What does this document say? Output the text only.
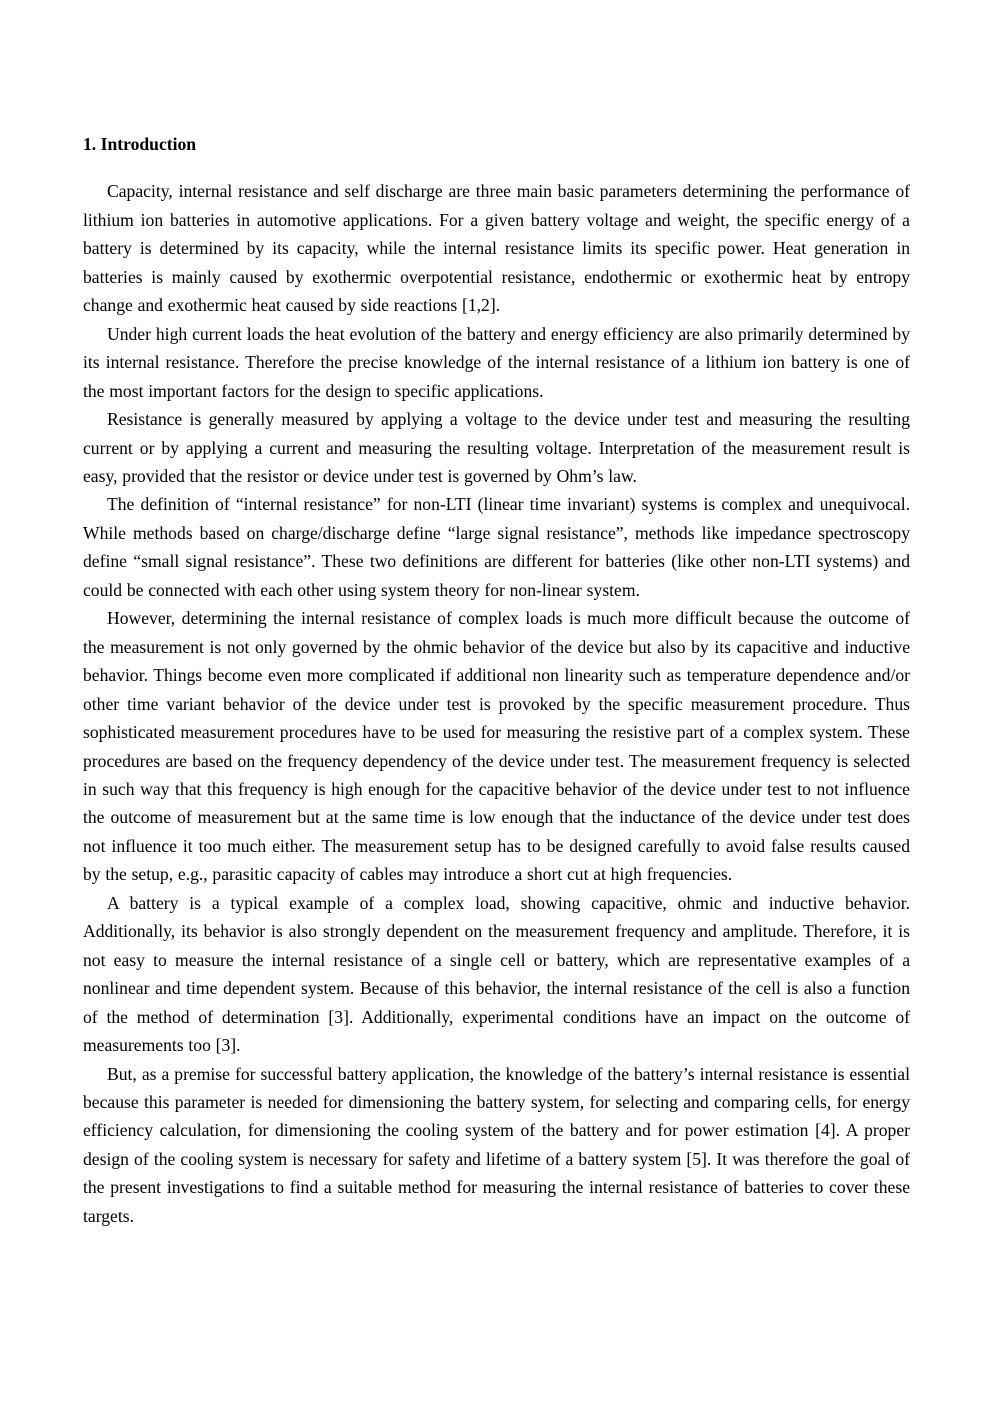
1. Introduction

Capacity, internal resistance and self discharge are three main basic parameters determining the performance of lithium ion batteries in automotive applications. For a given battery voltage and weight, the specific energy of a battery is determined by its capacity, while the internal resistance limits its specific power. Heat generation in batteries is mainly caused by exothermic overpotential resistance, endothermic or exothermic heat by entropy change and exothermic heat caused by side reactions [1,2].

Under high current loads the heat evolution of the battery and energy efficiency are also primarily determined by its internal resistance. Therefore the precise knowledge of the internal resistance of a lithium ion battery is one of the most important factors for the design to specific applications.

Resistance is generally measured by applying a voltage to the device under test and measuring the resulting current or by applying a current and measuring the resulting voltage. Interpretation of the measurement result is easy, provided that the resistor or device under test is governed by Ohm’s law.

The definition of “internal resistance” for non-LTI (linear time invariant) systems is complex and unequivocal. While methods based on charge/discharge define “large signal resistance”, methods like impedance spectroscopy define “small signal resistance”. These two definitions are different for batteries (like other non-LTI systems) and could be connected with each other using system theory for non-linear system.

However, determining the internal resistance of complex loads is much more difficult because the outcome of the measurement is not only governed by the ohmic behavior of the device but also by its capacitive and inductive behavior. Things become even more complicated if additional non linearity such as temperature dependence and/or other time variant behavior of the device under test is provoked by the specific measurement procedure. Thus sophisticated measurement procedures have to be used for measuring the resistive part of a complex system. These procedures are based on the frequency dependency of the device under test. The measurement frequency is selected in such way that this frequency is high enough for the capacitive behavior of the device under test to not influence the outcome of measurement but at the same time is low enough that the inductance of the device under test does not influence it too much either. The measurement setup has to be designed carefully to avoid false results caused by the setup, e.g., parasitic capacity of cables may introduce a short cut at high frequencies.

A battery is a typical example of a complex load, showing capacitive, ohmic and inductive behavior. Additionally, its behavior is also strongly dependent on the measurement frequency and amplitude. Therefore, it is not easy to measure the internal resistance of a single cell or battery, which are representative examples of a nonlinear and time dependent system. Because of this behavior, the internal resistance of the cell is also a function of the method of determination [3]. Additionally, experimental conditions have an impact on the outcome of measurements too [3].

But, as a premise for successful battery application, the knowledge of the battery’s internal resistance is essential because this parameter is needed for dimensioning the battery system, for selecting and comparing cells, for energy efficiency calculation, for dimensioning the cooling system of the battery and for power estimation [4]. A proper design of the cooling system is necessary for safety and lifetime of a battery system [5]. It was therefore the goal of the present investigations to find a suitable method for measuring the internal resistance of batteries to cover these targets.
